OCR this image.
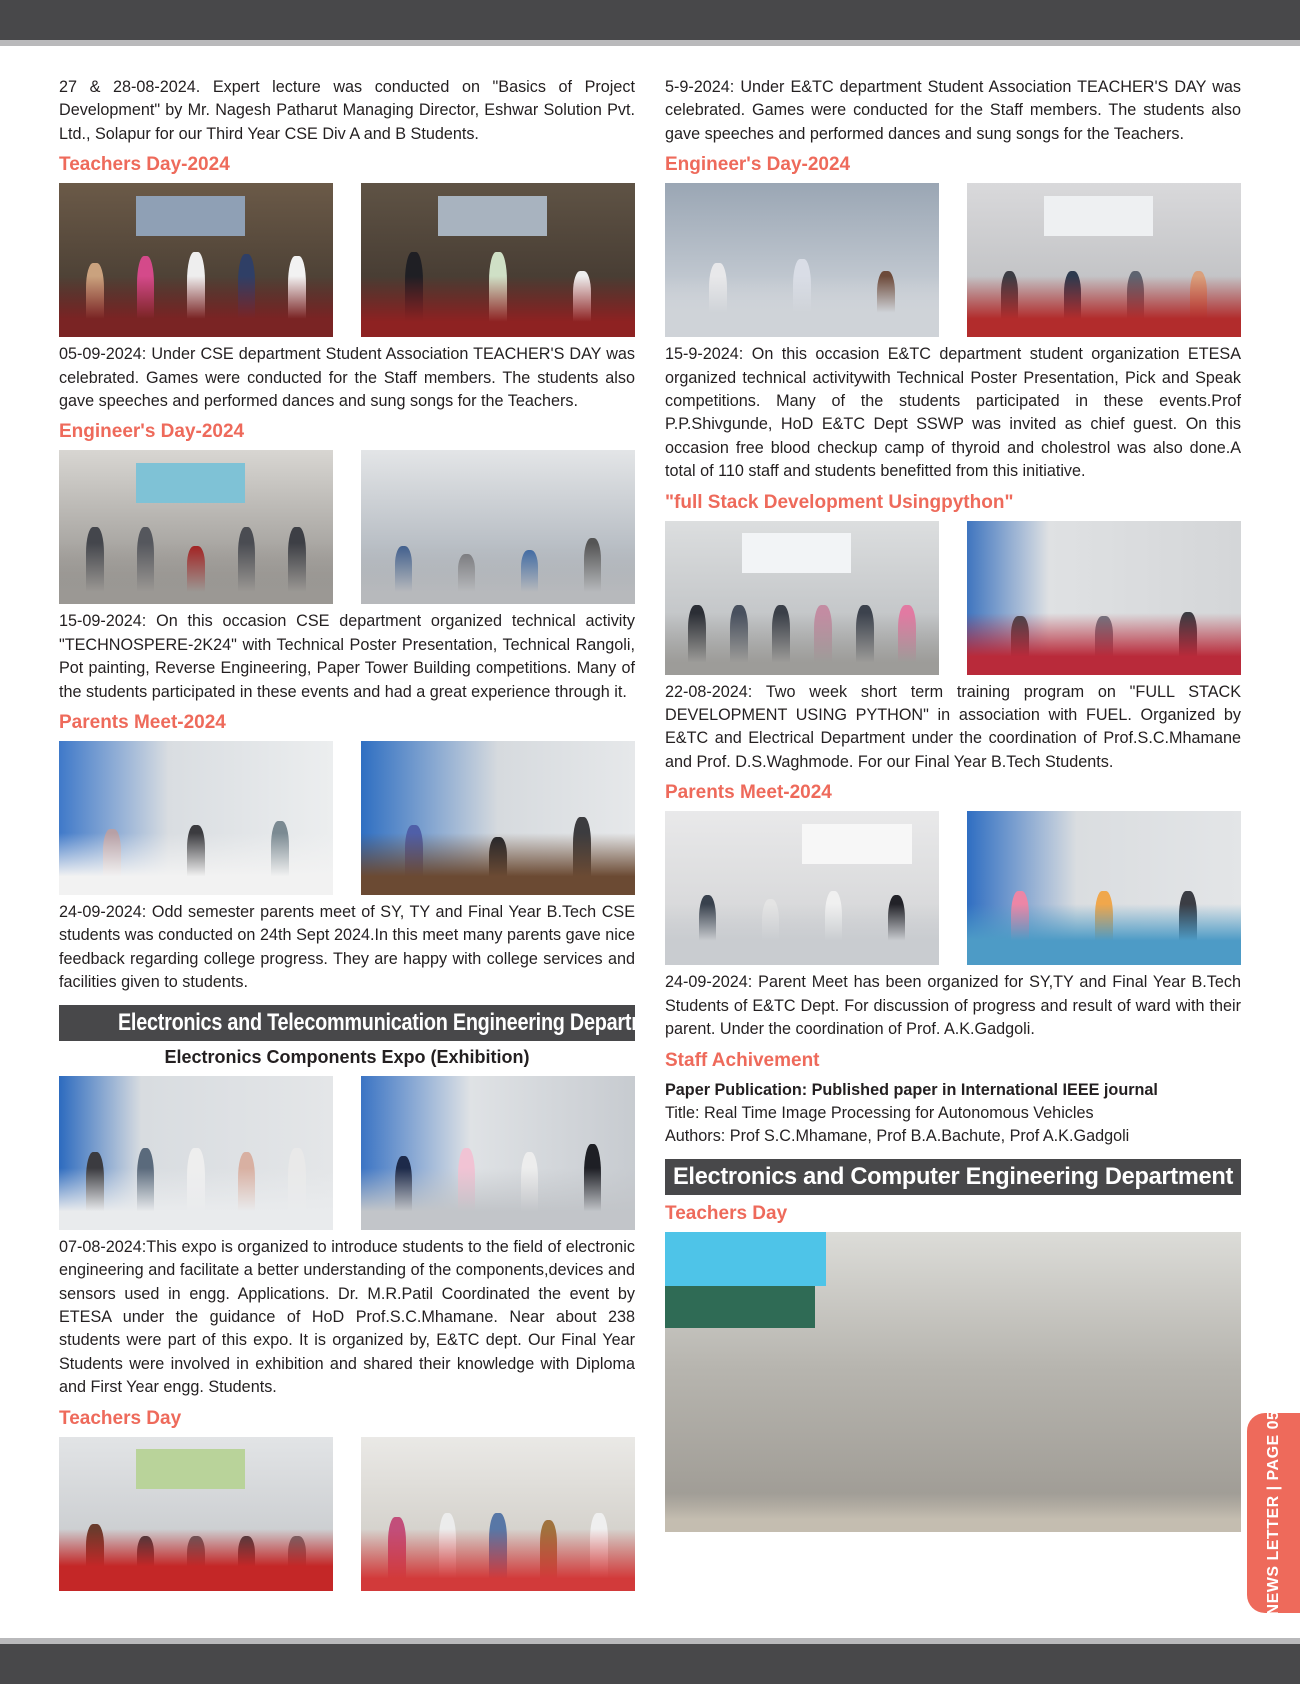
27 & 28-08-2024. Expert lecture was conducted on "Basics of Project Development" by Mr. Nagesh Patharut Managing Director, Eshwar Solution Pvt. Ltd., Solapur for our Third Year CSE Div A and B Students.

Teachers Day-2024

05-09-2024: Under CSE department Student Association TEACHER'S DAY was celebrated. Games were conducted for the Staff members. The students also gave speeches and performed dances and sung songs for the Teachers.

Engineer's Day-2024

15-09-2024: On this occasion CSE department organized technical activity "TECHNOSPERE-2K24" with Technical Poster Presentation, Technical Rangoli, Pot painting, Reverse Engineering, Paper Tower Building competitions. Many of the students participated in these events and had a great experience through it.

Parents Meet-2024

24-09-2024: Odd semester parents meet of SY, TY and Final Year B.Tech CSE students was conducted on 24th Sept 2024.In this meet many parents gave nice feedback regarding college progress. They are happy with college services and facilities given to students.

Electronics and Telecommunication Engineering Department
Electronics Components Expo (Exhibition)

07-08-2024:This expo is organized to introduce students to the field of electronic engineering and facilitate a better understanding of the components,devices and sensors used in engg. Applications. Dr. M.R.Patil Coordinated the event by ETESA under the guidance of HoD Prof.S.C.Mhamane. Near about 238 students were part of this expo. It is organized by, E&TC dept. Our Final Year Students were involved in exhibition and shared their knowledge with Diploma and First Year engg. Students.

Teachers Day

5-9-2024: Under E&TC department Student Association TEACHER'S DAY was celebrated. Games were conducted for the Staff members. The students also gave speeches and performed dances and sung songs for the Teachers.

Engineer's Day-2024

15-9-2024: On this occasion E&TC department student organization ETESA organized technical activitywith Technical Poster Presentation, Pick and Speak competitions. Many of the students participated in these events.Prof P.P.Shivgunde, HoD E&TC Dept SSWP was invited as chief guest. On this occasion free blood checkup camp of thyroid and cholestrol was also done.A total of 110 staff and students benefitted from this initiative.

"full Stack Development Usingpython"

22-08-2024: Two week short term training program on "FULL STACK DEVELOPMENT USING PYTHON" in association with FUEL. Organized by E&TC and Electrical Department under the coordination of Prof.S.C.Mhamane and Prof. D.S.Waghmode. For our Final Year B.Tech Students.

Parents Meet-2024

24-09-2024: Parent Meet has been organized for SY,TY and Final Year B.Tech Students of E&TC Dept. For discussion of progress and result of ward with their parent. Under the coordination of Prof. A.K.Gadgoli.

Staff Achivement

Paper Publication: Published paper in International IEEE journal

Title: Real Time Image Processing for Autonomous Vehicles

Authors: Prof S.C.Mhamane, Prof B.A.Bachute, Prof A.K.Gadgoli

Electronics and Computer Engineering Department
Teachers Day
NEWS LETTER | PAGE 05
